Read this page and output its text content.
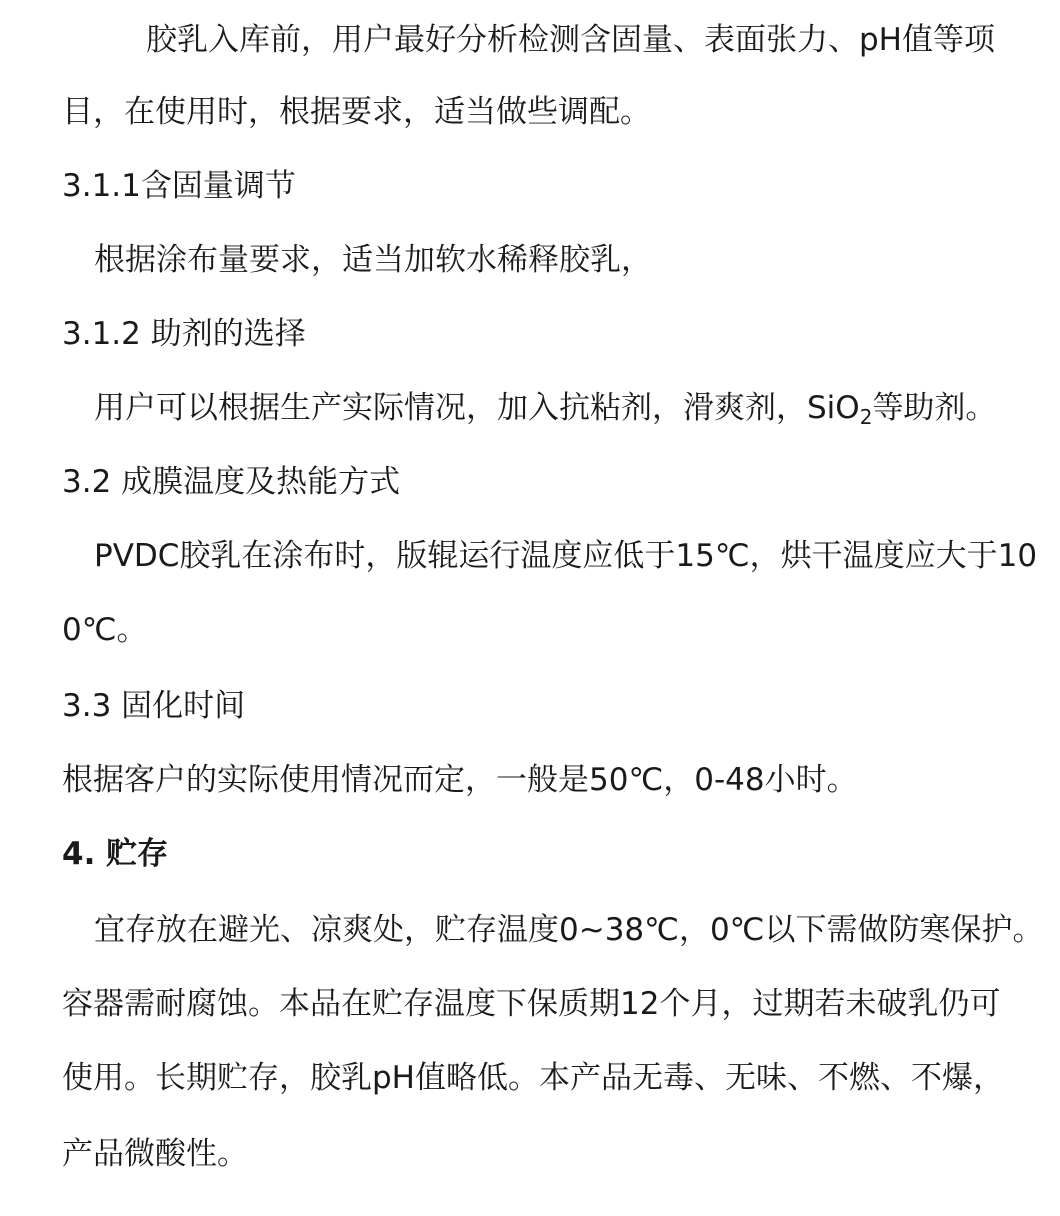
胶乳入库前，用户最好分析检测含固量、表面张力、pH值等项
目，在使用时，根据要求，适当做些调配。
3.1.1含固量调节
根据涂布量要求，适当加软水稀释胶乳，
3.1.2 助剂的选择
用户可以根据生产实际情况，加入抗粘剂，滑爽剂，SiO$_2$等助剂。
3.2 成膜温度及热能方式
PVDC胶乳在涂布时，版辊运行温度应低于15℃，烘干温度应大于10
0℃。
3.3 固化时间
根据客户的实际使用情况而定，一般是50℃，0-48小时。
4. 贮存
宜存放在避光、凉爽处，贮存温度0~38℃，0℃以下需做防寒保护。
容器需耐腐蚀。本品在贮存温度下保质期12个月，过期若未破乳仍可
使用。长期贮存，胶乳pH值略低。本产品无毒、无味、不燃、不爆，
产品微酸性。
